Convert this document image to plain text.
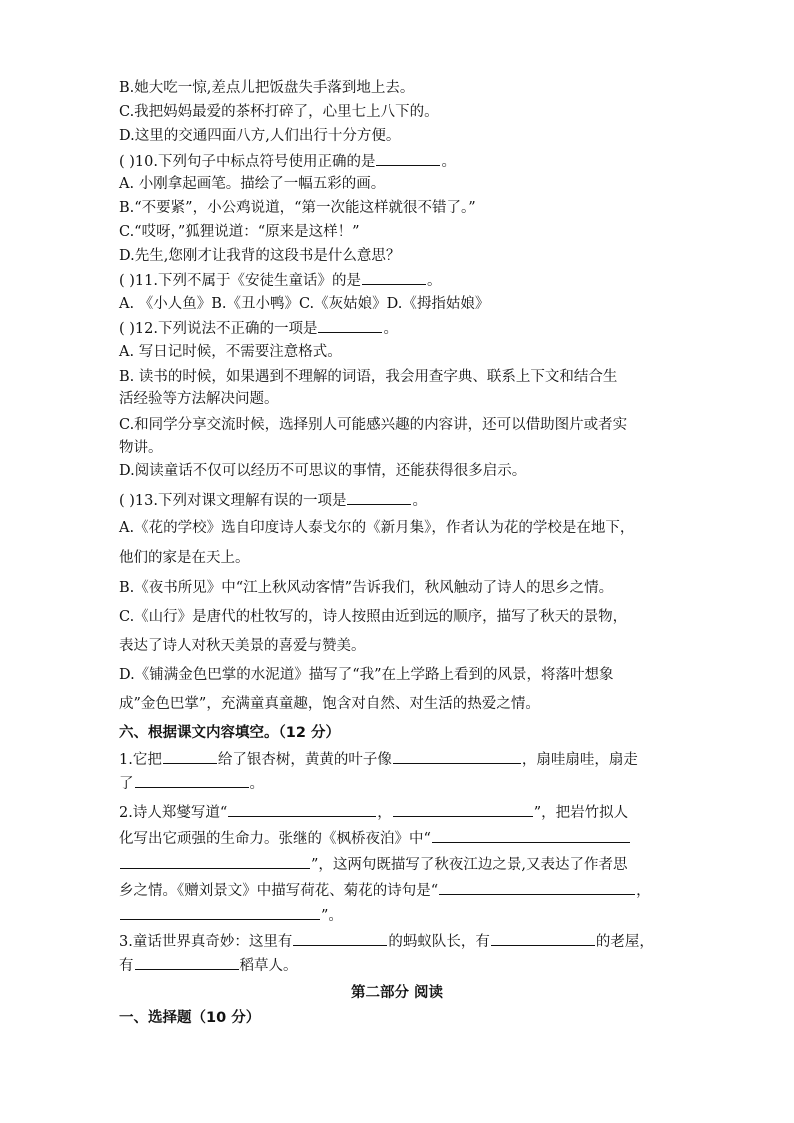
B.她大吃一惊,差点儿把饭盘失手落到地上去。
C.我把妈妈最爱的茶杯打碎了，心里七上八下的。
D.这里的交通四面八方,人们出行十分方便。
( )10.下列句子中标点符号使用正确的是	。
A. 小刚拿起画笔。描绘了一幅五彩的画。
B.“不要紧”，小公鸡说道，“第一次能这样就很不错了。”
C.“哎呀，”狐狸说道：“原来是这样！”
D.先生,您刚才让我背的这段书是什么意思？
( )11.下列不属于《安徒生童话》的是	。
A. 《小人鱼》B.《丑小鸭》C.《灰姑娘》D.《拇指姑娘》
( )12.下列说法不正确的一项是	。
A. 写日记时候，不需要注意格式。
B. 读书的时候，如果遇到不理解的词语，我会用查字典、联系上下文和结合生
活经验等方法解决问题。
C.和同学分享交流时候，选择别人可能感兴趣的内容讲，还可以借助图片或者实
物讲。
D.阅读童话不仅可以经历不可思议的事情，还能获得很多启示。
( )13.下列对课文理解有误的一项是	。
A.《花的学校》选自印度诗人泰戈尔的《新月集》，作者认为花的学校是在地下，
他们的家是在天上。
B.《夜书所见》中“江上秋风动客情”告诉我们，秋风触动了诗人的思乡之情。
C.《山行》是唐代的杜牧写的，诗人按照由近到远的顺序，描写了秋天的景物，
表达了诗人对秋天美景的喜爱与赞美。
D.《铺满金色巴掌的水泥道》描写了“我”在上学路上看到的风景，将落叶想象
成”金色巴掌”，充满童真童趣，饱含对自然、对生活的热爱之情。
六、根据课文内容填空。（12 分）
1.它把	给了银杏树，黄黄的叶子像	，扇哇扇哇，扇走
了	。
2.诗人郑燮写道“	，	”，把岩竹拟人
化写出它顽强的生命力。张继的《枫桥夜泊》中“
”，这两句既描写了秋夜江边之景,又表达了作者思
乡之情。《赠刘景文》中描写荷花、菊花的诗句是“	，
”。
3.童话世界真奇妙：这里有	的蚂蚁队长，有	的老屋，
有	稻草人。
第二部分 阅读
一、选择题（10 分）
